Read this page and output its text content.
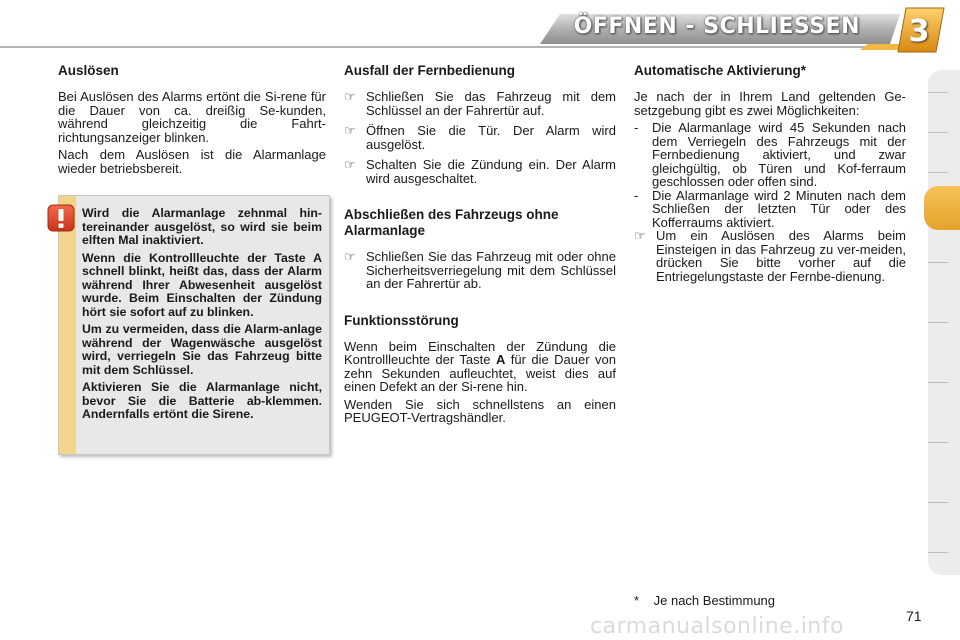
ÖFFNEN - SCHLIESSEN 3
Auslösen

Bei Auslösen des Alarms ertönt die Si-rene für die Dauer von ca. dreißig Se-kunden, während gleichzeitig die Fahrt-richtungsanzeiger blinken.

Nach dem Auslösen ist die Alarmanlage wieder betriebsbereit.

Wird die Alarmanlage zehnmal hin-tereinander ausgelöst, so wird sie beim elften Mal inaktiviert.

Wenn die Kontrollleuchte der Taste A schnell blinkt, heißt das, dass der Alarm während Ihrer Abwesenheit ausgelöst wurde. Beim Einschalten der Zündung hört sie sofort auf zu blinken.

Um zu vermeiden, dass die Alarm-anlage während der Wagenwäsche ausgelöst wird, verriegeln Sie das Fahrzeug bitte mit dem Schlüssel.

Aktivieren Sie die Alarmanlage nicht, bevor Sie die Batterie ab-klemmen. Andernfalls ertönt die Sirene.

Ausfall der Fernbedienung
☞ Schließen Sie das Fahrzeug mit dem Schlüssel an der Fahrertür auf.
☞ Öffnen Sie die Tür. Der Alarm wird ausgelöst.
☞ Schalten Sie die Zündung ein. Der Alarm wird ausgeschaltet.
Abschließen des Fahrzeugs ohne Alarmanlage
☞ Schließen Sie das Fahrzeug mit oder ohne Sicherheitsverriegelung mit dem Schlüssel an der Fahrertür ab.
Funktionsstörung

Wenn beim Einschalten der Zündung die Kontrollleuchte der Taste A für die Dauer von zehn Sekunden aufleuchtet, weist dies auf einen Defekt an der Si-rene hin.

Wenden Sie sich schnellstens an einen PEUGEOT-Vertragshändler.

Automatische Aktivierung*

Je nach der in Ihrem Land geltenden Ge-setzgebung gibt es zwei Möglichkeiten:

-	Die Alarmanlage wird 45 Sekunden nach dem Verriegeln des Fahrzeugs mit der Fernbedienung aktiviert, und zwar gleichgültig, ob Türen und Kof-ferraum geschlossen oder offen sind.
-	Die Alarmanlage wird 2 Minuten nach dem Schließen der letzten Tür oder des Kofferraums aktiviert.
☞ Um ein Auslösen des Alarms beim Einsteigen in das Fahrzeug zu ver-meiden, drücken Sie bitte vorher auf die Entriegelungstaste der Fernbe-dienung.
* Je nach Bestimmung
carmanualsonline.info	71
